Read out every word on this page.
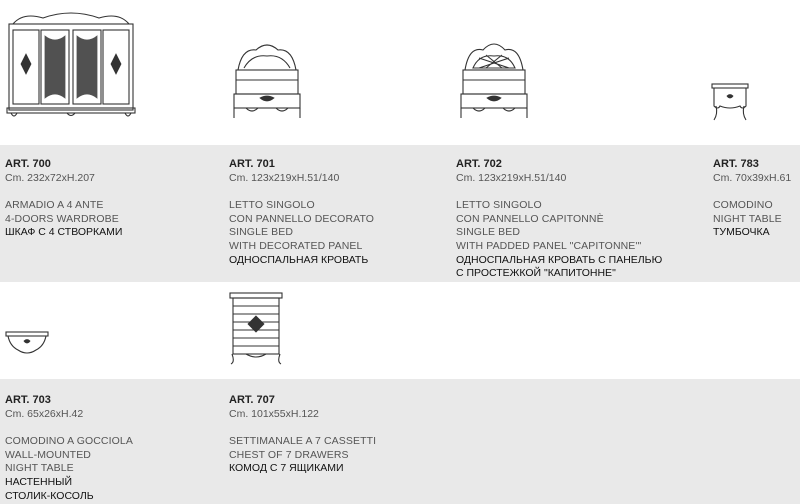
ART. 700
Cm. 232x72xH.207
ARMADIO A 4 ANTE
4-DOORS WARDROBE
ШКАФ С 4 СТВОРКАМИ
ART. 701
Cm. 123x219xH.51/140
LETTO SINGOLO
CON PANNELLO DECORATO
SINGLE BED
WITH DECORATED PANEL
ОДНОСПАЛЬНАЯ КРОВАТЬ
ART. 702
Cm. 123x219xH.51/140
LETTO SINGOLO
CON PANNELLO CAPITONNÈ
SINGLE BED
WITH PADDED PANEL "CAPITONNE'"
ОДНОСПАЛЬНАЯ КРОВАТЬ С ПАНЕЛЬЮ
С ПРОСТЕЖКОЙ "КАПИТОННЕ"
ART. 783
Cm. 70x39xH.61
COMODINO
NIGHT TABLE
ТУМБОЧКА
ART. 703
Cm. 65x26xH.42
COMODINO A GOCCIOLA
WALL-MOUNTED
NIGHT TABLE
НАСТЕННЫЙ
СТОЛИК-КОСОЛЬ
ART. 707
Cm. 101x55xH.122
SETTIMANALE A 7 CASSETTI
CHEST OF 7 DRAWERS
КОМОД С 7 ЯЩИКАМИ
